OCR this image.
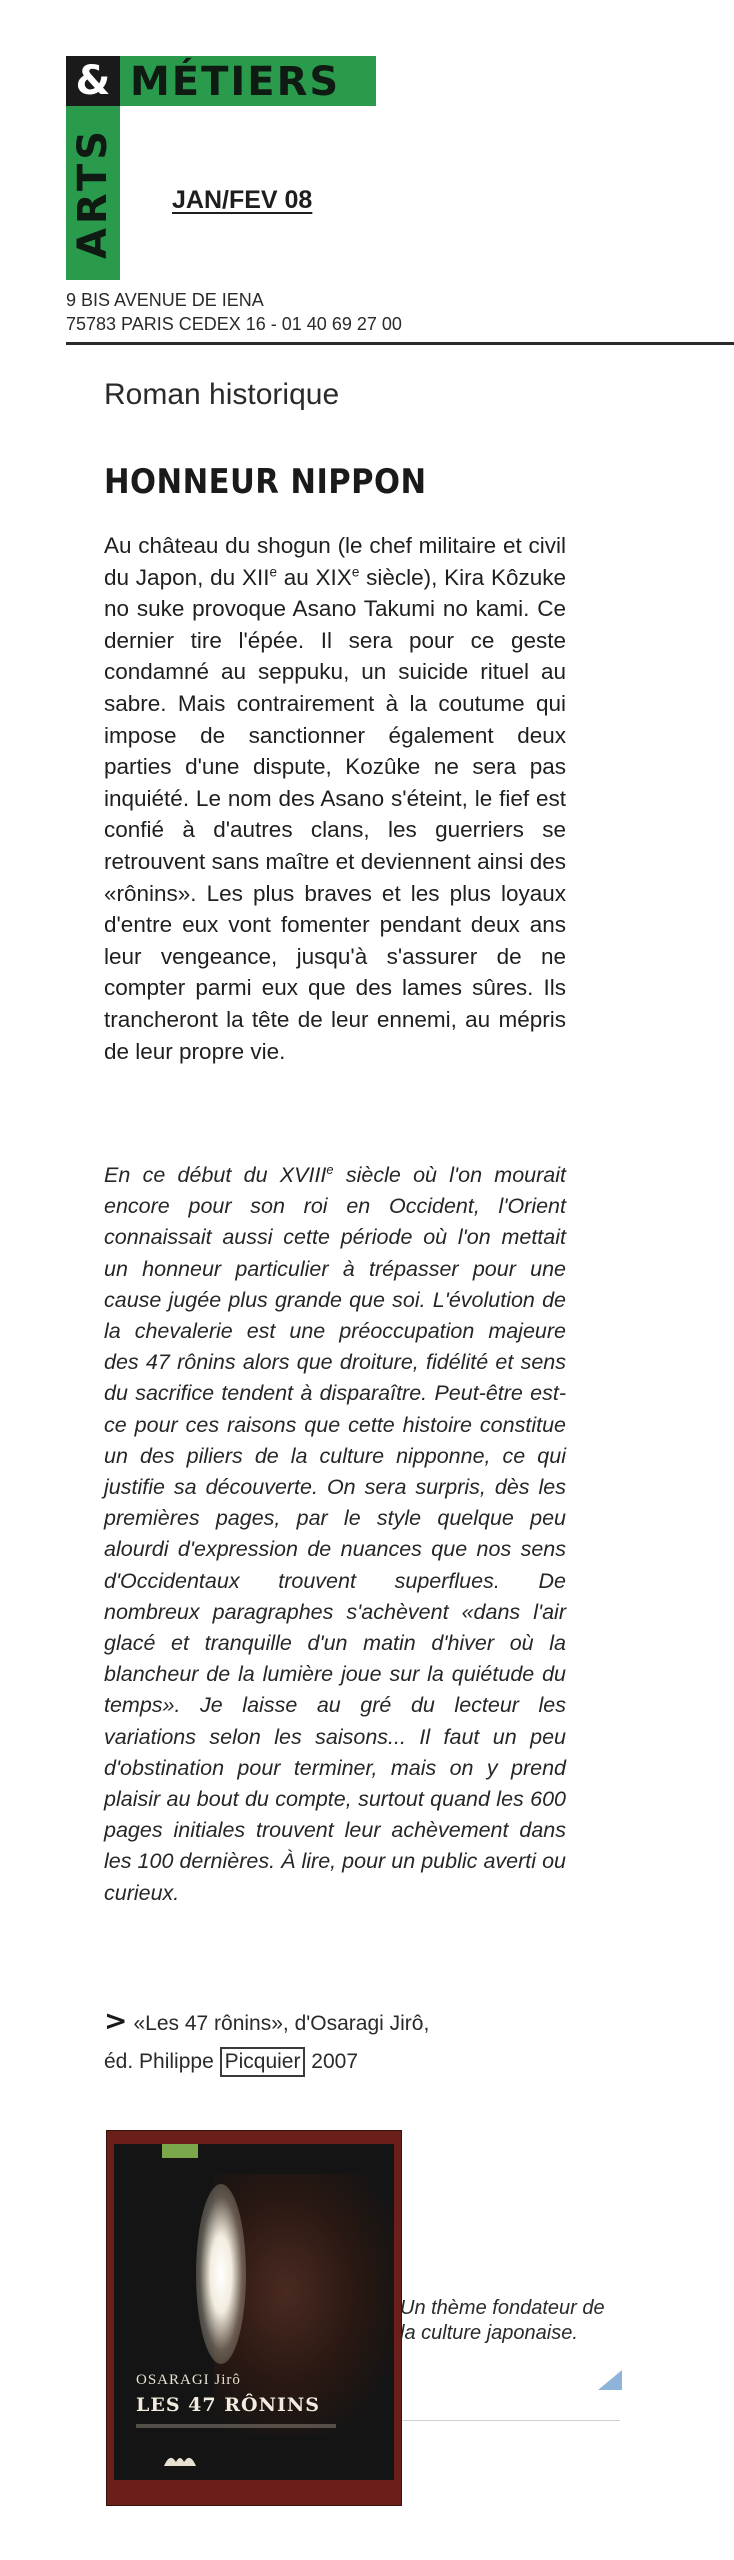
& MÉTIERS
ARTS JAN/FEV 08
9 BIS AVENUE DE IENA
75783 PARIS CEDEX 16 - 01 40 69 27 00
Roman historique
HONNEUR NIPPON

Au château du shogun (le chef militaire et civil du Japon, du XIIe au XIXe siècle), Kira Kôzuke no suke provoque Asano Takumi no kami. Ce dernier tire l'épée. Il sera pour ce geste condamné au seppuku, un suicide rituel au sabre. Mais contrairement à la coutume qui impose de sanctionner également deux parties d'une dispute, Kozûke ne sera pas inquiété. Le nom des Asano s'éteint, le fief est confié à d'autres clans, les guerriers se retrouvent sans maître et deviennent ainsi des «rônins». Les plus braves et les plus loyaux d'entre eux vont fomenter pendant deux ans leur vengeance, jusqu'à s'assurer de ne compter parmi eux que des lames sûres. Ils trancheront la tête de leur ennemi, au mépris de leur propre vie.

En ce début du XVIIIe siècle où l'on mourait encore pour son roi en Occident, l'Orient connaissait aussi cette période où l'on mettait un honneur particulier à trépasser pour une cause jugée plus grande que soi. L'évolution de la chevalerie est une préoccupation majeure des 47 rônins alors que droiture, fidélité et sens du sacrifice tendent à disparaître. Peut-être est-ce pour ces raisons que cette histoire constitue un des piliers de la culture nipponne, ce qui justifie sa découverte. On sera surpris, dès les premières pages, par le style quelque peu alourdi d'expression de nuances que nos sens d'Occidentaux trouvent superflues. De nombreux paragraphes s'achèvent «dans l'air glacé et tranquille d'un matin d'hiver où la blancheur de la lumière joue sur la quiétude du temps». Je laisse au gré du lecteur les variations selon les saisons... Il faut un peu d'obstination pour terminer, mais on y prend plaisir au bout du compte, surtout quand les 600 pages initiales trouvent leur achèvement dans les 100 dernières. À lire, pour un public averti ou curieux.

> «Les 47 rônins», d'Osaragi Jirô,
éd. Philippe Picquier 2007
OSARAGI Jirô
LES 47 RÔNINS
Un thème fondateur de la culture japonaise.
